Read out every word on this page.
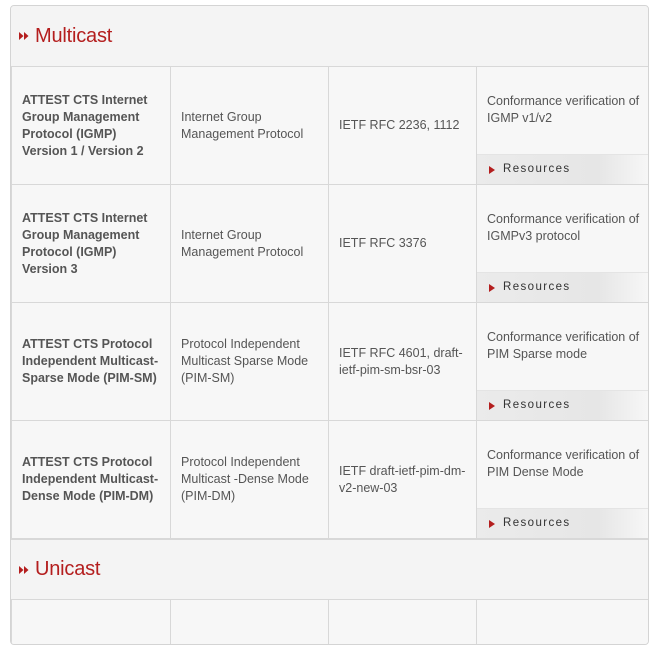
Multicast
ATTEST CTS Internet Group Management Protocol (IGMP) Version 1 / Version 2	Internet Group Management Protocol	IETF RFC 2236, 1112	Conformance verification of IGMP v1/v2
Resources

ATTEST CTS Internet Group Management Protocol (IGMP) Version 3	Internet Group Management Protocol	IETF RFC 3376	Conformance verification of IGMPv3 protocol
Resources

ATTEST CTS Protocol Independent Multicast-Sparse Mode (PIM-SM)	Protocol Independent Multicast Sparse Mode (PIM-SM)	IETF RFC 4601, draft-ietf-pim-sm-bsr-03	Conformance verification of PIM Sparse mode
Resources

ATTEST CTS Protocol Independent Multicast-Dense Mode (PIM-DM)	Protocol Independent Multicast -Dense Mode (PIM-DM)	IETF draft-ietf-pim-dm-v2-new-03	Conformance verification of PIM Dense Mode
Resources
Unicast
